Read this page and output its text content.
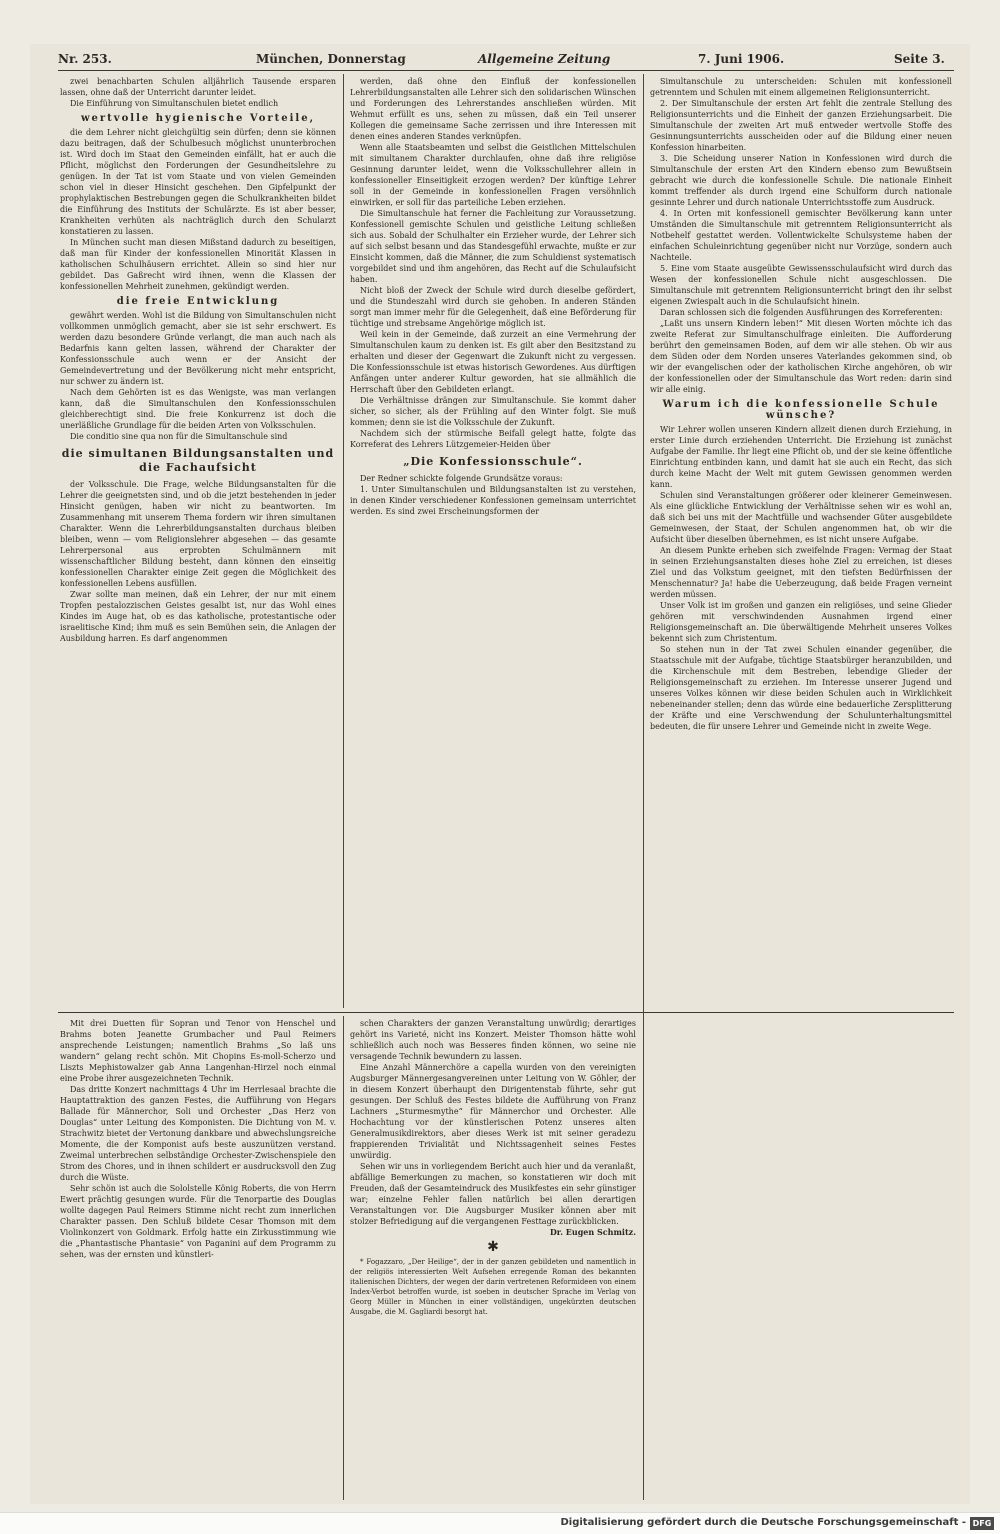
Nr. 253.	München, Donnerstag	Allgemeine Zeitung	7. Juni 1906.	Seite 3.

zwei benachbarten Schulen alljährlich Tausende ersparen lassen, ohne daß der Unterricht darunter leidet.

Die Einführung von Simultanschulen bietet endlich

wertvolle hygienische Vorteile,

die dem Lehrer nicht gleichgültig sein dürfen; denn sie können dazu beitragen, daß der Schulbesuch möglichst ununterbrochen ist. Wird doch im Staat den Gemeinden einfällt, hat er auch die Pflicht, möglichst den Forderungen der Gesundheitslehre zu genügen. In der Tat ist vom Staate und von vielen Gemeinden schon viel in dieser Hinsicht geschehen. Den Gipfelpunkt der prophylaktischen Bestrebungen gegen die Schulkrankheiten bildet die Einführung des Instituts der Schulärzte. Es ist aber besser, Krankheiten verhüten als nachträglich durch den Schularzt konstatieren zu lassen.

In München sucht man diesen Mißstand dadurch zu beseitigen, daß man für Kinder der konfessionellen Minorität Klassen in katholischen Schulhäusern errichtet. Allein so sind hier nur gebildet. Das Gaßrecht wird ihnen, wenn die Klassen der konfessionellen Mehrheit zunehmen, gekündigt werden.

die freie Entwicklung

gewährt werden. Wohl ist die Bildung von Simultanschulen nicht vollkommen unmöglich gemacht, aber sie ist sehr erschwert. Es werden dazu besondere Gründe verlangt, die man auch nach als Bedarfnis kann gelten lassen, während der Charakter der Konfessionsschule auch wenn er der Ansicht der Gemeindevertretung und der Bevölkerung nicht mehr entspricht, nur schwer zu ändern ist.

Nach dem Gehörten ist es das Wenigste, was man verlangen kann, daß die Simultanschulen den Konfessionsschulen gleichberechtigt sind. Die freie Konkurrenz ist doch die unerläßliche Grundlage für die beiden Arten von Volksschulen.

Die conditio sine qua non für die Simultanschule sind

die simultanen Bildungsanstalten und die Fachaufsicht

der Volksschule. Die Frage, welche Bildungsanstalten für die Lehrer die geeignetsten sind, und ob die jetzt bestehenden in jeder Hinsicht genügen, haben wir nicht zu beantworten. Im Zusammenhang mit unserem Thema fordern wir ihren simultanen Charakter. Wenn die Lehrerbildungsanstalten durchaus bleiben bleiben, wenn — vom Religionslehrer abgesehen — das gesamte Lehrerpersonal aus erprobten Schulmännern mit wissenschaftlicher Bildung besteht, dann können den einseitig konfessionellen Charakter einige Zeit gegen die Möglichkeit des konfessionellen Lebens ausfüllen.

Zwar sollte man meinen, daß ein Lehrer, der nur mit einem Tropfen pestalozzischen Geistes gesalbt ist, nur das Wohl eines Kindes im Auge hat, ob es das katholische, protestantische oder israelitische Kind; ihm muß es sein Bemühen sein, die Anlagen der Ausbildung harren. Es darf angenommen

werden, daß ohne den Einfluß der konfessionellen Lehrerbildungsanstalten alle Lehrer sich den solidarischen Wünschen und Forderungen des Lehrerstandes anschließen würden. Mit Wehmut erfüllt es uns, sehen zu müssen, daß ein Teil unserer Kollegen die gemeinsame Sache zerrissen und ihre Interessen mit denen eines anderen Standes verknüpfen.

Wenn alle Staatsbeamten und selbst die Geistlichen Mittelschulen mit simultanem Charakter durchlaufen, ohne daß ihre religiöse Gesinnung darunter leidet, wenn die Volksschullehrer allein in konfessioneller Einseitigkeit erzogen werden? Der künftige Lehrer soll in der Gemeinde in konfessionellen Fragen versöhnlich einwirken, er soll für das parteiliche Leben erziehen.

Die Simultanschule hat ferner die Fachleitung zur Voraussetzung. Konfessionell gemischte Schulen und geistliche Leitung schließen sich aus. Sobald der Schulhalter ein Erzieher wurde, der Lehrer sich auf sich selbst besann und das Standesgefühl erwachte, mußte er zur Einsicht kommen, daß die Männer, die zum Schuldienst systematisch vorgebildet sind und ihm angehören, das Recht auf die Schulaufsicht haben.

Nicht bloß der Zweck der Schule wird durch dieselbe gefördert, und die Stundeszahl wird durch sie gehoben. In anderen Ständen sorgt man immer mehr für die Gelegenheit, daß eine Beförderung für tüchtige und strebsame Angehörige möglich ist.

Weil kein in der Gemeinde, daß zurzeit an eine Vermehrung der Simultanschulen kaum zu denken ist. Es gilt aber den Besitzstand zu erhalten und dieser der Gegenwart die Zukunft nicht zu vergessen. Die Konfessionsschule ist etwas historisch Gewordenes. Aus dürftigen Anfängen unter anderer Kultur geworden, hat sie allmählich die Herrschaft über den Gebildeten erlangt.

Die Verhältnisse drängen zur Simultanschule. Sie kommt daher sicher, so sicher, als der Frühling auf den Winter folgt. Sie muß kommen; denn sie ist die Volksschule der Zukunft.

Nachdem sich der stürmische Beifall gelegt hatte, folgte das Korreferat des Lehrers Lützgemeier-Heiden über

„Die Konfessionsschule“.

Der Redner schickte folgende Grundsätze voraus:

1. Unter Simultanschulen und Bildungsanstalten ist zu verstehen, in denen Kinder verschiedener Konfessionen gemeinsam unterrichtet werden. Es sind zwei Erscheinungsformen der

Simultanschule zu unterscheiden: Schulen mit konfessionell getrenntem und Schulen mit einem allgemeinen Religionsunterricht.

2. Der Simultanschule der ersten Art fehlt die zentrale Stellung des Religionsunterrichts und die Einheit der ganzen Erziehungsarbeit. Die Simultanschule der zweiten Art muß entweder wertvolle Stoffe des Gesinnungsunterrichts ausscheiden oder auf die Bildung einer neuen Konfession hinarbeiten.

3. Die Scheidung unserer Nation in Konfessionen wird durch die Simultanschule der ersten Art den Kindern ebenso zum Bewußtsein gebracht wie durch die konfessionelle Schule. Die nationale Einheit kommt treffender als durch irgend eine Schulform durch nationale gesinnte Lehrer und durch nationale Unterrichtsstoffe zum Ausdruck.

4. In Orten mit konfessionell gemischter Bevölkerung kann unter Umständen die Simultanschule mit getrenntem Religionsunterricht als Notbehelf gestattet werden. Vollentwickelte Schulsysteme haben der einfachen Schuleinrichtung gegenüber nicht nur Vorzüge, sondern auch Nachteile.

5. Eine vom Staate ausgeübte Gewissensschulaufsicht wird durch das Wesen der konfessionellen Schule nicht ausgeschlossen. Die Simultanschule mit getrenntem Religionsunterricht bringt den ihr selbst eigenen Zwiespalt auch in die Schulaufsicht hinein.

Daran schlossen sich die folgenden Ausführungen des Korreferenten:

„Laßt uns unsern Kindern leben!“ Mit diesen Worten möchte ich das zweite Referat zur Simultanschulfrage einleiten. Die Aufforderung berührt den gemeinsamen Boden, auf dem wir alle stehen. Ob wir aus dem Süden oder dem Norden unseres Vaterlandes gekommen sind, ob wir der evangelischen oder der katholischen Kirche angehören, ob wir der konfessionellen oder der Simultanschule das Wort reden: darin sind wir alle einig.

Warum ich die konfessionelle Schule wünsche?

Wir Lehrer wollen unseren Kindern allzeit dienen durch Erziehung, in erster Linie durch erziehenden Unterricht. Die Erziehung ist zunächst Aufgabe der Familie. Ihr liegt eine Pflicht ob, und der sie keine öffentliche Einrichtung entbinden kann, und damit hat sie auch ein Recht, das sich durch keine Macht der Welt mit gutem Gewissen genommen werden kann.

Schulen sind Veranstaltungen größerer oder kleinerer Gemeinwesen. Als eine glückliche Entwicklung der Verhältnisse sehen wir es wohl an, daß sich bei uns mit der Machtfülle und wachsender Güter ausgebildete Gemeinwesen, der Staat, der Schulen angenommen hat, ob wir die Aufsicht über dieselben übernehmen, es ist nicht unsere Aufgabe.

An diesem Punkte erheben sich zweifelnde Fragen: Vermag der Staat in seinen Erziehungsanstalten dieses hohe Ziel zu erreichen, ist dieses Ziel und das Volkstum geeignet, mit den tiefsten Bedürfnissen der Menschennatur? Ja! habe die Ueberzeugung, daß beide Fragen verneint werden müssen.

Unser Volk ist im großen und ganzen ein religiöses, und seine Glieder gehören mit verschwindenden Ausnahmen irgend einer Religionsgemeinschaft an. Die überwältigende Mehrheit unseres Volkes bekennt sich zum Christentum.

So stehen nun in der Tat zwei Schulen einander gegenüber, die Staatsschule mit der Aufgabe, tüchtige Staatsbürger heranzubilden, und die Kirchenschule mit dem Bestreben, lebendige Glieder der Religionsgemeinschaft zu erziehen. Im Interesse unserer Jugend und unseres Volkes können wir diese beiden Schulen auch in Wirklichkeit nebeneinander stellen; denn das würde eine bedauerliche Zersplitterung der Kräfte und eine Verschwendung der Schulunterhaltungsmittel bedeuten, die für unsere Lehrer und Gemeinde nicht in zweite Wege.

Mit drei Duetten für Sopran und Tenor von Henschel und Brahms boten Jeanette Grumbacher und Paul Reimers ansprechende Leistungen; namentlich Brahms „So laß uns wandern“ gelang recht schön. Mit Chopins Es-moll-Scherzo und Liszts Mephistowalzer gab Anna Langenhan-Hirzel noch einmal eine Probe ihrer ausgezeichneten Technik.

Das dritte Konzert nachmittags 4 Uhr im Herrlesaal brachte die Hauptattraktion des ganzen Festes, die Aufführung von Hegars Ballade für Männerchor, Soli und Orchester „Das Herz von Douglas“ unter Leitung des Komponisten. Die Dichtung von M. v. Strachwitz bietet der Vertonung dankbare und abwechslungsreiche Momente, die der Komponist aufs beste auszunützen verstand. Zweimal unterbrechen selbständige Orchester-Zwischenspiele den Strom des Chores, und in ihnen schildert er ausdrucksvoll den Zug durch die Wüste.

Sehr schön ist auch die Sololstelle König Roberts, die von Herrn Ewert prächtig gesungen wurde. Für die Tenorpartie des Douglas wollte dagegen Paul Reimers Stimme nicht recht zum innerlichen Charakter passen. Den Schluß bildete Cesar Thomson mit dem Violinkonzert von Goldmark. Erfolg hatte ein Zirkusstimmung wie die „Phantastische Phantasie“ von Paganini auf dem Programm zu sehen, was der ernsten und künstleri-

schen Charakters der ganzen Veranstaltung unwürdig; derartiges gehört ins Varieté, nicht ins Konzert. Meister Thomson hätte wohl schließlich auch noch was Besseres finden können, wo seine nie versagende Technik bewundern zu lassen.

Eine Anzahl Männerchöre a capella wurden von den vereinigten Augsburger Männergesangvereinen unter Leitung von W. Göhler, der in diesem Konzert überhaupt den Dirigentenstab führte, sehr gut gesungen. Der Schluß des Festes bildete die Aufführung von Franz Lachners „Sturmesmythe“ für Männerchor und Orchester. Alle Hochachtung vor der künstlerischen Potenz unseres alten Generalmusikdirektors, aber dieses Werk ist mit seiner geradezu frappierenden Trivialität und Nichtssagenheit seines Festes unwürdig.

Sehen wir uns in vorliegendem Bericht auch hier und da veranlaßt, abfällige Bemerkungen zu machen, so konstatieren wir doch mit Freuden, daß der Gesamteindruck des Musikfestes ein sehr günstiger war; einzelne Fehler fallen natürlich bei allen derartigen Veranstaltungen vor. Die Augsburger Musiker können aber mit stolzer Befriedigung auf die vergangenen Festtage zurückblicken.

Dr. Eugen Schmitz.

✱

* Fogazzaro, „Der Heilige“, der in der ganzen gebildeten und namentlich in der religiös interessierten Welt Aufsehen erregende Roman des bekannten italienischen Dichters, der wegen der darin vertretenen Reformideen von einem Index-Verbot betroffen wurde, ist soeben in deutscher Sprache im Verlag von Georg Müller in München in einer vollständigen, ungekürzten deutschen Ausgabe, die M. Gagliardi besorgt hat.

Digitalisierung gefördert durch die Deutsche Forschungsgemeinschaft - DFG
